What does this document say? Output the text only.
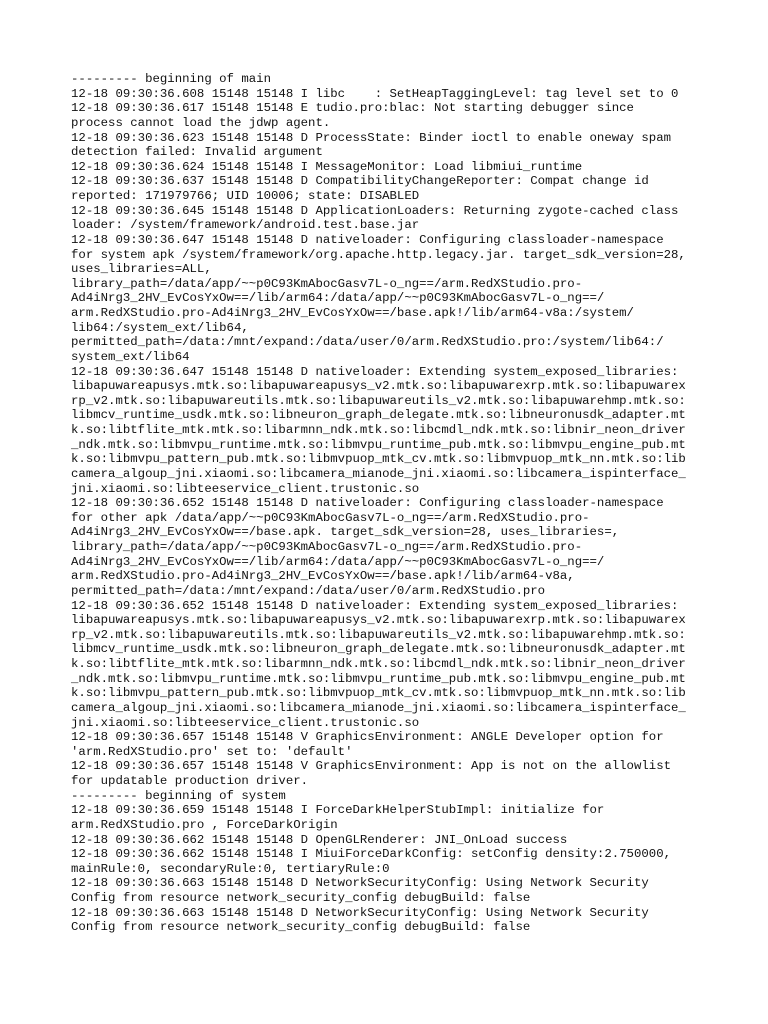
--------- beginning of main
12-18 09:30:36.608 15148 15148 I libc    : SetHeapTaggingLevel: tag level set to 0
12-18 09:30:36.617 15148 15148 E tudio.pro:blac: Not starting debugger since
process cannot load the jdwp agent.
12-18 09:30:36.623 15148 15148 D ProcessState: Binder ioctl to enable oneway spam
detection failed: Invalid argument
12-18 09:30:36.624 15148 15148 I MessageMonitor: Load libmiui_runtime
12-18 09:30:36.637 15148 15148 D CompatibilityChangeReporter: Compat change id
reported: 171979766; UID 10006; state: DISABLED
12-18 09:30:36.645 15148 15148 D ApplicationLoaders: Returning zygote-cached class
loader: /system/framework/android.test.base.jar
12-18 09:30:36.647 15148 15148 D nativeloader: Configuring classloader-namespace
for system apk /system/framework/org.apache.http.legacy.jar. target_sdk_version=28,
uses_libraries=ALL,
library_path=/data/app/~~p0C93KmAbocGasv7L-o_ng==/arm.RedXStudio.pro-
Ad4iNrg3_2HV_EvCosYxOw==/lib/arm64:/data/app/~~p0C93KmAbocGasv7L-o_ng==/
arm.RedXStudio.pro-Ad4iNrg3_2HV_EvCosYxOw==/base.apk!/lib/arm64-v8a:/system/
lib64:/system_ext/lib64,
permitted_path=/data:/mnt/expand:/data/user/0/arm.RedXStudio.pro:/system/lib64:/
system_ext/lib64
12-18 09:30:36.647 15148 15148 D nativeloader: Extending system_exposed_libraries:
libapuwareapusys.mtk.so:libapuwareapusys_v2.mtk.so:libapuwarexrp.mtk.so:libapuwarex
rp_v2.mtk.so:libapuwareutils.mtk.so:libapuwareutils_v2.mtk.so:libapuwarehmp.mtk.so:
libmcv_runtime_usdk.mtk.so:libneuron_graph_delegate.mtk.so:libneuronusdk_adapter.mt
k.so:libtflite_mtk.mtk.so:libarmnn_ndk.mtk.so:libcmdl_ndk.mtk.so:libnir_neon_driver
_ndk.mtk.so:libmvpu_runtime.mtk.so:libmvpu_runtime_pub.mtk.so:libmvpu_engine_pub.mt
k.so:libmvpu_pattern_pub.mtk.so:libmvpuop_mtk_cv.mtk.so:libmvpuop_mtk_nn.mtk.so:lib
camera_algoup_jni.xiaomi.so:libcamera_mianode_jni.xiaomi.so:libcamera_ispinterface_
jni.xiaomi.so:libteeservice_client.trustonic.so
12-18 09:30:36.652 15148 15148 D nativeloader: Configuring classloader-namespace
for other apk /data/app/~~p0C93KmAbocGasv7L-o_ng==/arm.RedXStudio.pro-
Ad4iNrg3_2HV_EvCosYxOw==/base.apk. target_sdk_version=28, uses_libraries=,
library_path=/data/app/~~p0C93KmAbocGasv7L-o_ng==/arm.RedXStudio.pro-
Ad4iNrg3_2HV_EvCosYxOw==/lib/arm64:/data/app/~~p0C93KmAbocGasv7L-o_ng==/
arm.RedXStudio.pro-Ad4iNrg3_2HV_EvCosYxOw==/base.apk!/lib/arm64-v8a,
permitted_path=/data:/mnt/expand:/data/user/0/arm.RedXStudio.pro
12-18 09:30:36.652 15148 15148 D nativeloader: Extending system_exposed_libraries:
libapuwareapusys.mtk.so:libapuwareapusys_v2.mtk.so:libapuwarexrp.mtk.so:libapuwarex
rp_v2.mtk.so:libapuwareutils.mtk.so:libapuwareutils_v2.mtk.so:libapuwarehmp.mtk.so:
libmcv_runtime_usdk.mtk.so:libneuron_graph_delegate.mtk.so:libneuronusdk_adapter.mt
k.so:libtflite_mtk.mtk.so:libarmnn_ndk.mtk.so:libcmdl_ndk.mtk.so:libnir_neon_driver
_ndk.mtk.so:libmvpu_runtime.mtk.so:libmvpu_runtime_pub.mtk.so:libmvpu_engine_pub.mt
k.so:libmvpu_pattern_pub.mtk.so:libmvpuop_mtk_cv.mtk.so:libmvpuop_mtk_nn.mtk.so:lib
camera_algoup_jni.xiaomi.so:libcamera_mianode_jni.xiaomi.so:libcamera_ispinterface_
jni.xiaomi.so:libteeservice_client.trustonic.so
12-18 09:30:36.657 15148 15148 V GraphicsEnvironment: ANGLE Developer option for
'arm.RedXStudio.pro' set to: 'default'
12-18 09:30:36.657 15148 15148 V GraphicsEnvironment: App is not on the allowlist
for updatable production driver.
--------- beginning of system
12-18 09:30:36.659 15148 15148 I ForceDarkHelperStubImpl: initialize for
arm.RedXStudio.pro , ForceDarkOrigin
12-18 09:30:36.662 15148 15148 D OpenGLRenderer: JNI_OnLoad success
12-18 09:30:36.662 15148 15148 I MiuiForceDarkConfig: setConfig density:2.750000,
mainRule:0, secondaryRule:0, tertiaryRule:0
12-18 09:30:36.663 15148 15148 D NetworkSecurityConfig: Using Network Security
Config from resource network_security_config debugBuild: false
12-18 09:30:36.663 15148 15148 D NetworkSecurityConfig: Using Network Security
Config from resource network_security_config debugBuild: false
